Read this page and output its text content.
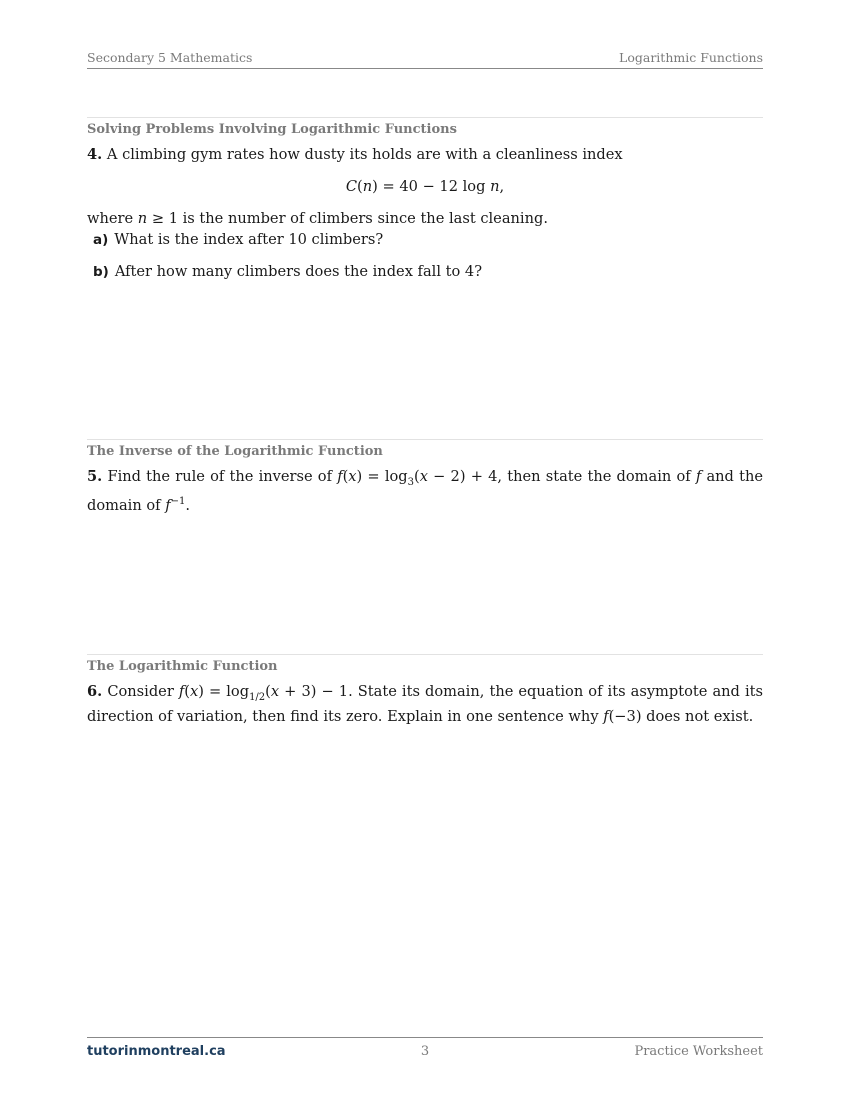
Secondary 5 Mathematics	Logarithmic Functions
Solving Problems Involving Logarithmic Functions
4. A climbing gym rates how dusty its holds are with a cleanliness index
C(n) = 40 − 12 log n,
where n ≥ 1 is the number of climbers since the last cleaning.
a) What is the index after 10 climbers?
b) After how many climbers does the index fall to 4?
The Inverse of the Logarithmic Function
5. Find the rule of the inverse of $f(x) = \log_3(x - 2) + 4$, then state the domain of f and the domain of $f^{-1}$.
The Logarithmic Function
6. Consider $f(x) = \log_{1/2}(x + 3) - 1$. State its domain, the equation of its asymptote and its direction of variation, then find its zero. Explain in one sentence why f(−3) does not exist.
tutorinmontreal.ca	3	Practice Worksheet
